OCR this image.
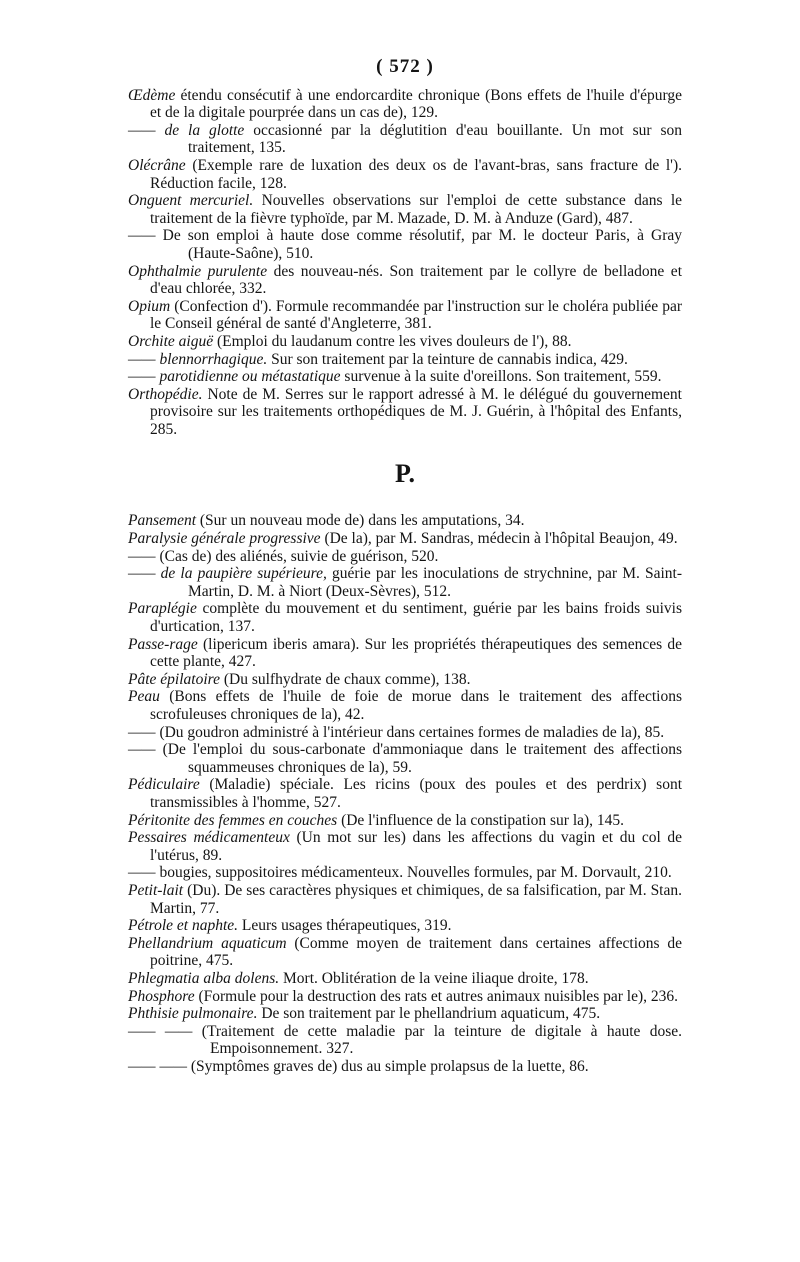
( 572 )

Œdème étendu consécutif à une endorcardite chronique (Bons effets de l'huile d'épurge et de la digitale pourprée dans un cas de), 129.

—— de la glotte occasionné par la déglutition d'eau bouillante. Un mot sur son traitement, 135.

Olécrâne (Exemple rare de luxation des deux os de l'avant-bras, sans fracture de l'). Réduction facile, 128.

Onguent mercuriel. Nouvelles observations sur l'emploi de cette substance dans le traitement de la fièvre typhoïde, par M. Mazade, D. M. à Anduze (Gard), 487.

—— De son emploi à haute dose comme résolutif, par M. le docteur Paris, à Gray (Haute-Saône), 510.

Ophthalmie purulente des nouveau-nés. Son traitement par le collyre de belladone et d'eau chlorée, 332.

Opium (Confection d'). Formule recommandée par l'instruction sur le choléra publiée par le Conseil général de santé d'Angleterre, 381.

Orchite aiguë (Emploi du laudanum contre les vives douleurs de l'), 88.

—— blennorrhagique. Sur son traitement par la teinture de cannabis indica, 429.

—— parotidienne ou métastatique survenue à la suite d'oreillons. Son traitement, 559.

Orthopédie. Note de M. Serres sur le rapport adressé à M. le délégué du gouvernement provisoire sur les traitements orthopédiques de M. J. Guérin, à l'hôpital des Enfants, 285.

P.

Pansement (Sur un nouveau mode de) dans les amputations, 34.

Paralysie générale progressive (De la), par M. Sandras, médecin à l'hôpital Beaujon, 49.

—— (Cas de) des aliénés, suivie de guérison, 520.

—— de la paupière supérieure, guérie par les inoculations de strychnine, par M. Saint-Martin, D. M. à Niort (Deux-Sèvres), 512.

Paraplégie complète du mouvement et du sentiment, guérie par les bains froids suivis d'urtication, 137.

Passe-rage (lipericum iberis amara). Sur les propriétés thérapeutiques des semences de cette plante, 427.

Pâte épilatoire (Du sulfhydrate de chaux comme), 138.

Peau (Bons effets de l'huile de foie de morue dans le traitement des affections scrofuleuses chroniques de la), 42.

—— (Du goudron administré à l'intérieur dans certaines formes de maladies de la), 85.

—— (De l'emploi du sous-carbonate d'ammoniaque dans le traitement des affections squammeuses chroniques de la), 59.

Pédiculaire (Maladie) spéciale. Les ricins (poux des poules et des perdrix) sont transmissibles à l'homme, 527.

Péritonite des femmes en couches (De l'influence de la constipation sur la), 145.

Pessaires médicamenteux (Un mot sur les) dans les affections du vagin et du col de l'utérus, 89.

—— bougies, suppositoires médicamenteux. Nouvelles formules, par M. Dorvault, 210.

Petit-lait (Du). De ses caractères physiques et chimiques, de sa falsification, par M. Stan. Martin, 77.

Pétrole et naphte. Leurs usages thérapeutiques, 319.

Phellandrium aquaticum (Comme moyen de traitement dans certaines affections de poitrine, 475.

Phlegmatia alba dolens. Mort. Oblitération de la veine iliaque droite, 178.

Phosphore (Formule pour la destruction des rats et autres animaux nuisibles par le), 236.

Phthisie pulmonaire. De son traitement par le phellandrium aquaticum, 475.

—— —— (Traitement de cette maladie par la teinture de digitale à haute dose. Empoisonnement. 327.

—— —— (Symptômes graves de) dus au simple prolapsus de la luette, 86.
